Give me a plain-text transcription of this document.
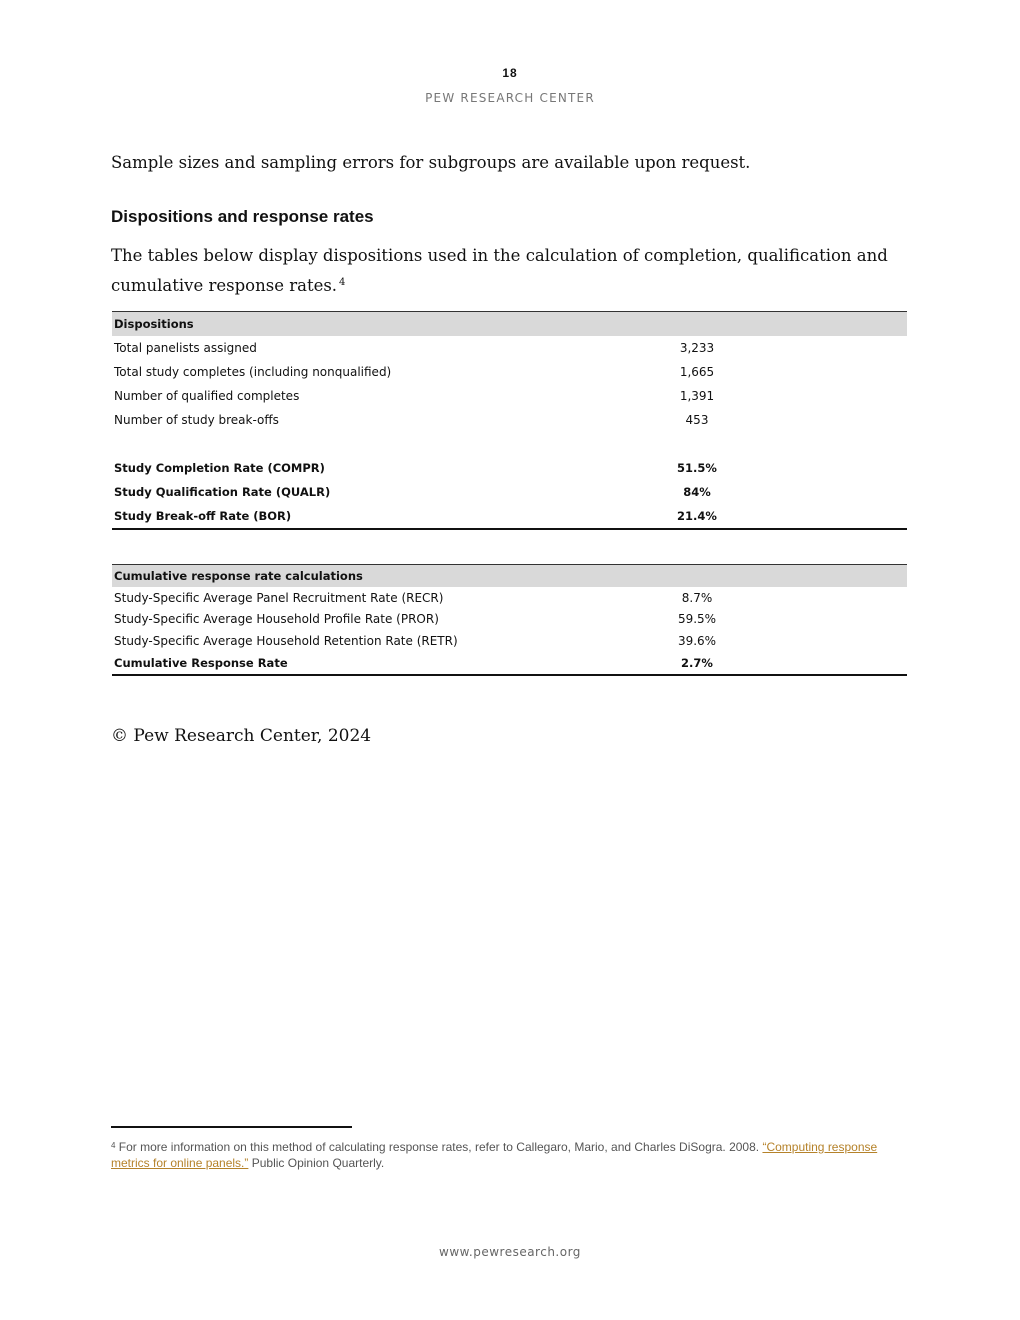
18
PEW RESEARCH CENTER

Sample sizes and sampling errors for subgroups are available upon request.

Dispositions and response rates

The tables below display dispositions used in the calculation of completion, qualification and cumulative response rates. $^4$

Dispositions	
Total panelists assigned	3,233
Total study completes (including nonqualified)	1,665
Number of qualified completes	1,391
Number of study break-offs	453

Study Completion Rate (COMPR)	51.5%
Study Qualification Rate (QUALR)	84%
Study Break-off Rate (BOR)	21.4%
Cumulative response rate calculations	
Study-Specific Average Panel Recruitment Rate (RECR)	8.7%
Study-Specific Average Household Profile Rate (PROR)	59.5%
Study-Specific Average Household Retention Rate (RETR)	39.6%
Cumulative Response Rate	2.7%

© Pew Research Center, 2024

$^4$ For more information on this method of calculating response rates, refer to Callegaro, Mario, and Charles DiSogra. 2008. “Computing response metrics for online panels.” Public Opinion Quarterly.

www.pewresearch.org
